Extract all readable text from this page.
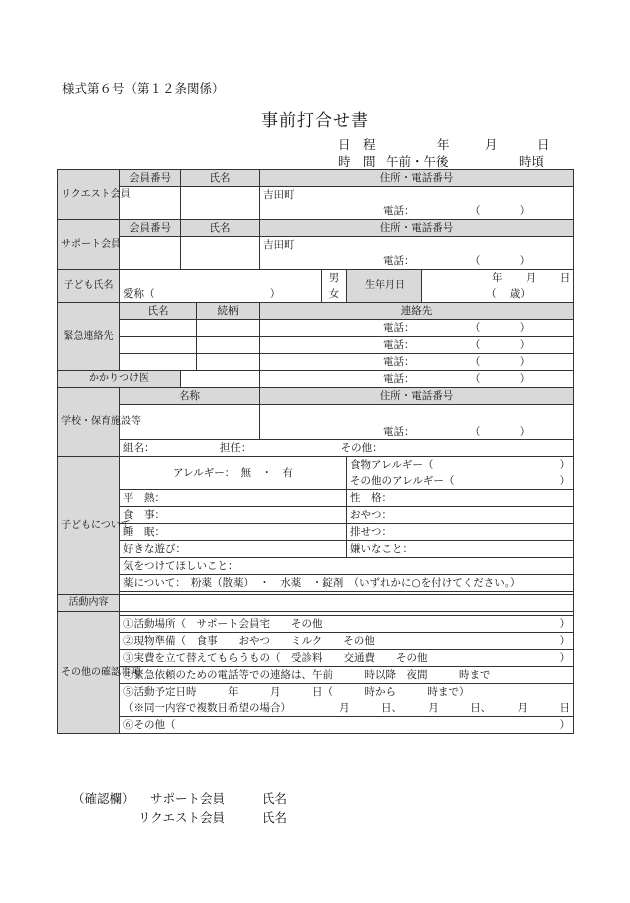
様式第６号（第１２条関係）
事前打合せ書
日　程	年	月	日
時　間 午前・午後	時頃
リクエスト会員	会員番号	氏名		住所・電話番号			
				吉田町			
				電話： （ ）			
サポート会員	会員番号	氏名		住所・電話番号			
				吉田町			
				電話： （ ）			
子ども氏名					男	生年月日	年 月 日
	愛称（ ）				女		（ 歳）
緊急連絡先	氏名		続柄	連絡先			
				電話： （ ）			
				電話： （ ）			
				電話： （ ）			
かかりつけ医				電話： （ ）			
学校・保育施設等	名称			住所・電話番号			
				電話： （ ）			
	組名： 担任： その他：						
子どもについて	アレルギー：　無　・　有					食物アレルギー（ ）	

						その他のアレルギー（ ）	

	平　熱：					性　格：	
	食　事：					おやつ：	
	睡　眠：					排せつ：	
	好きな遊び：					嫌いなこと：	
	気をつけてほしいこと：						
	薬について：　粉薬（散薬）　・　水薬　・錠剤　（いずれかに○を付けてください。）						

活動内容							
その他の確認事項							
	①活動場所（　サポート会員宅　　その他 ）						

	②現物準備（　食事　　おやつ　　ミルク　　その他 ）						

	③実費を立て替えてもらうもの（　受診料　　交通費　　その他 ）						

	④緊急依頼のための電話等での連絡は、午前　　　時以降　夜間　　　時まで						
	⑤活動予定日時　　　年　　　月　　　日（　　　時から　　　時まで）						
	（※同一内容で複数日希望の場合） 月　　　日、　　　月　　　日、　　　月　　　日						

	⑥その他（ ）						
（確認欄） サポート会員	氏名
リクエスト会員	氏名
